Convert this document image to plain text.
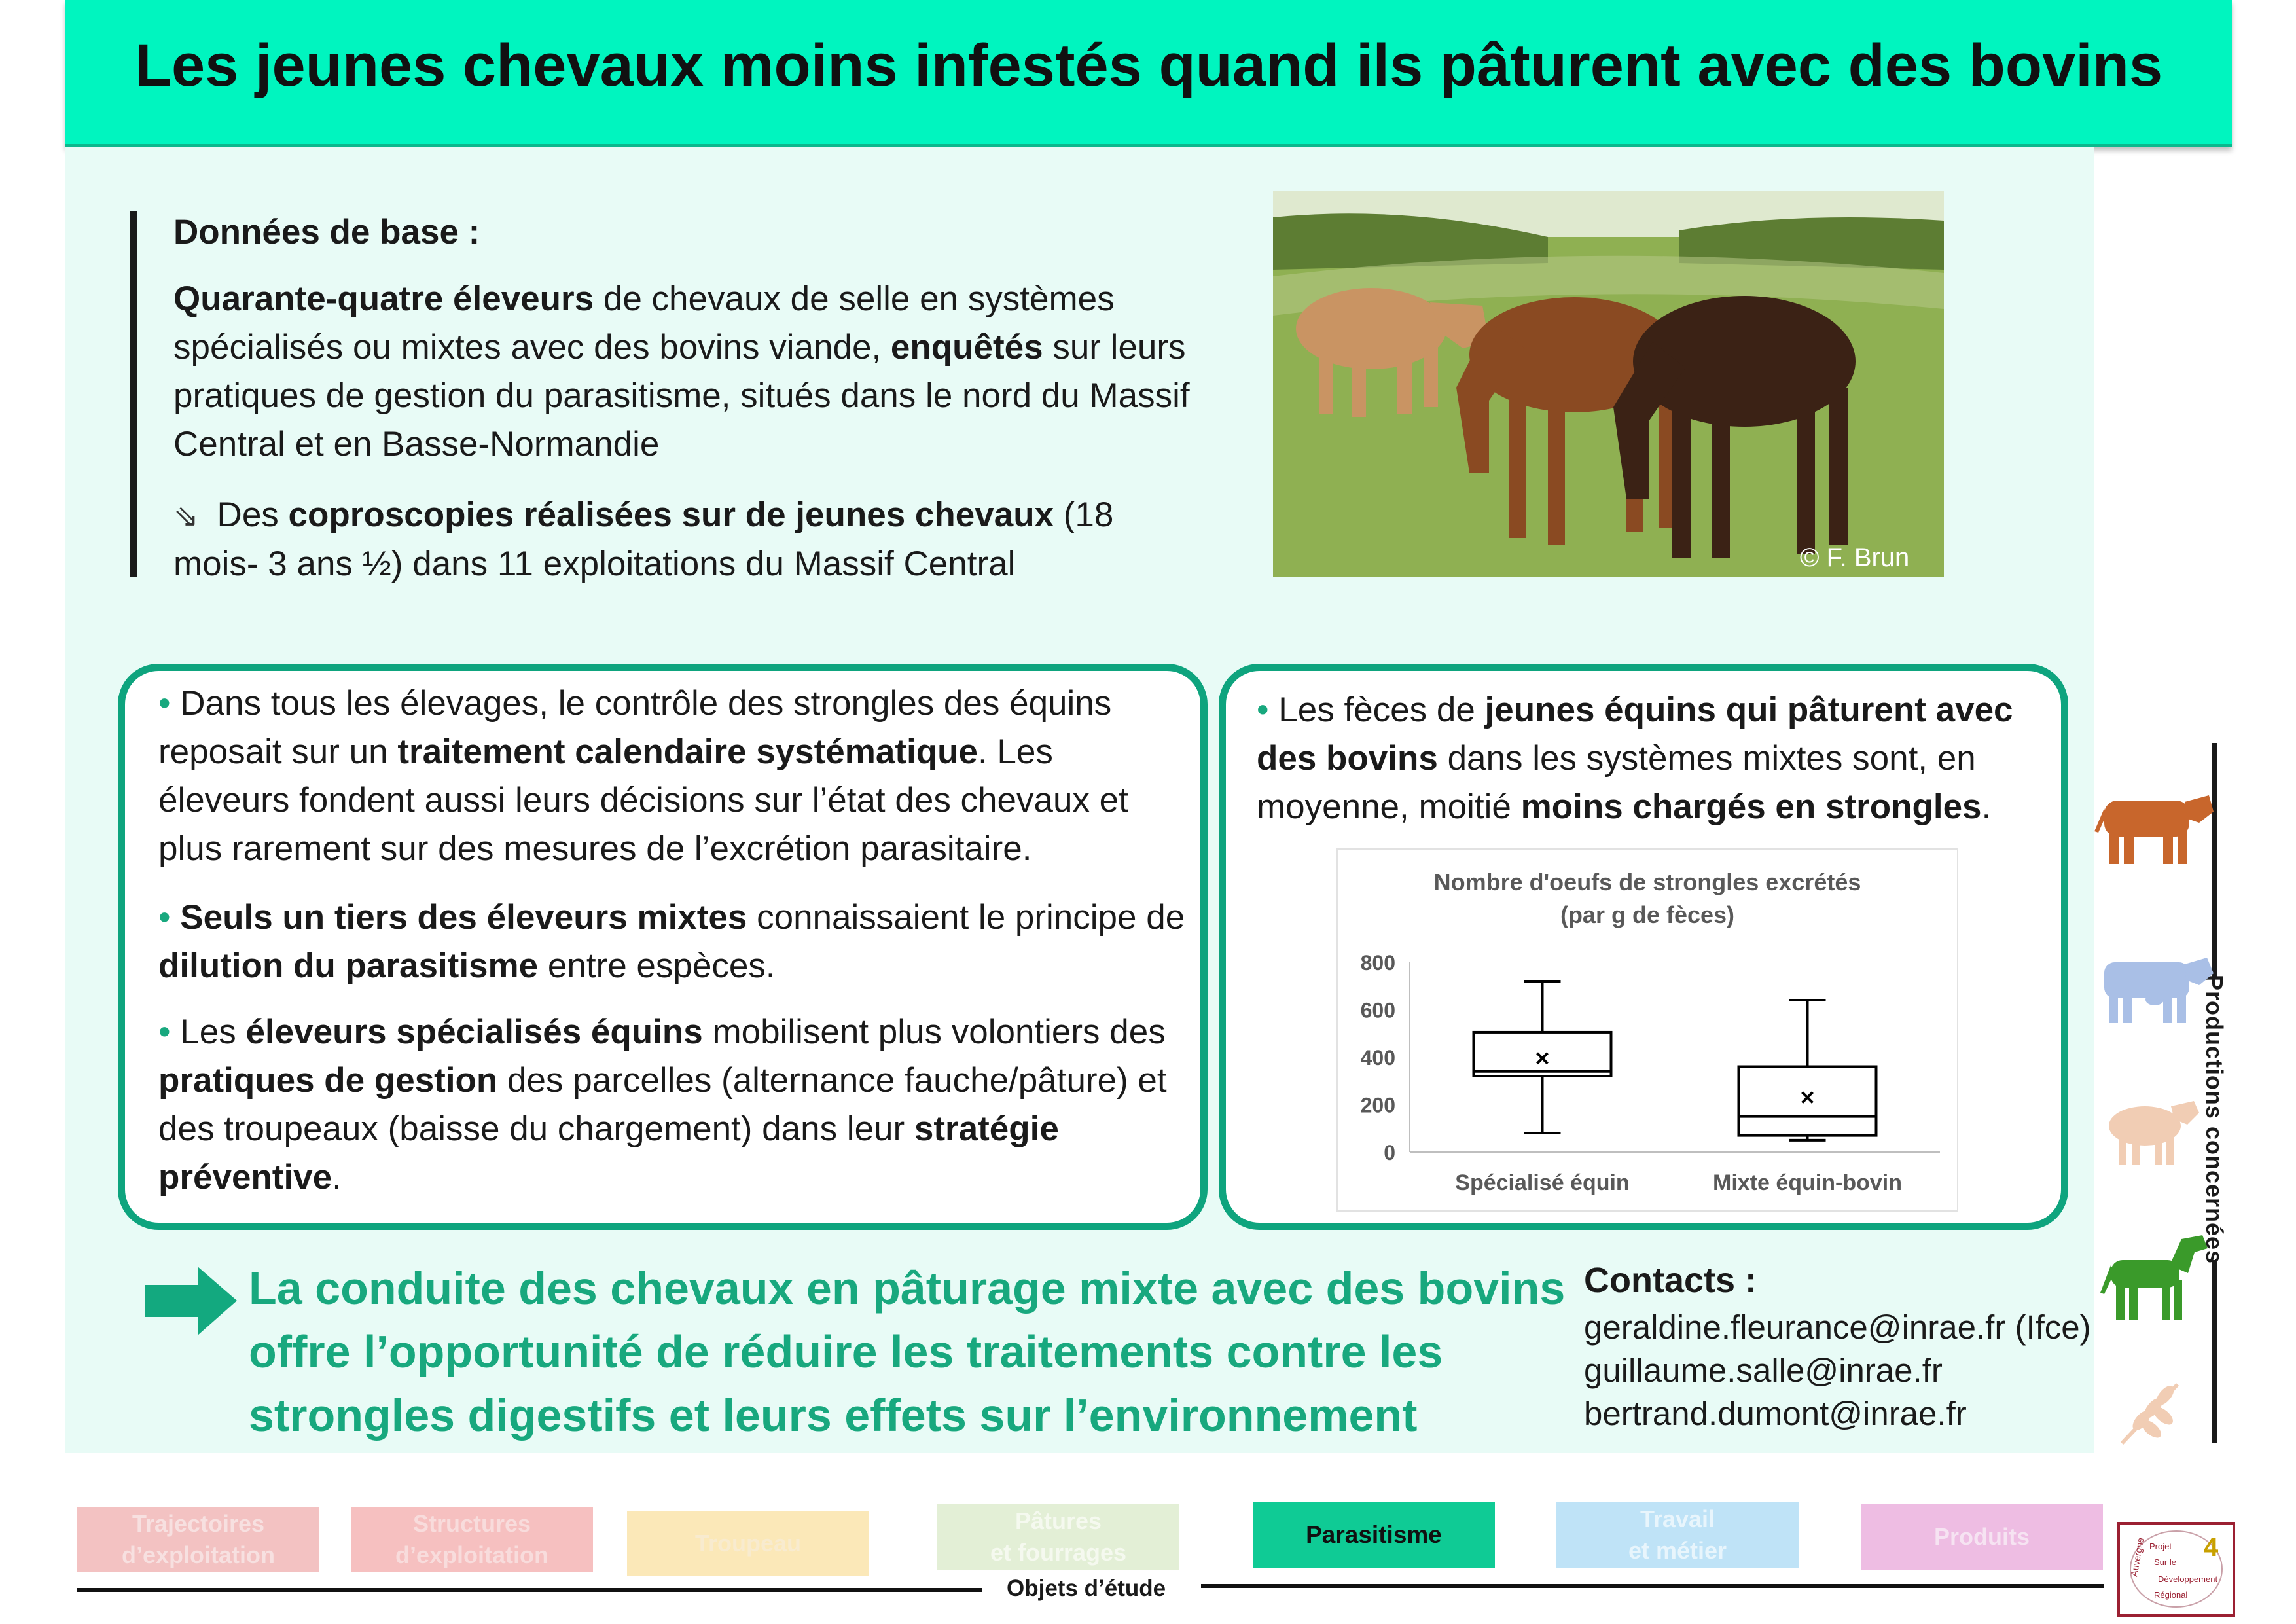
Les jeunes chevaux moins infestés quand ils pâturent avec des bovins
Données de base :
Quarante-quatre éleveurs de chevaux de selle en systèmes spécialisés ou mixtes avec des bovins viande, enquêtés sur leurs pratiques de gestion du parasitisme, situés dans le nord du Massif Central et en Basse-Normandie
⇘ Des coproscopies réalisées sur de jeunes chevaux (18 mois- 3 ans ½) dans 11 exploitations du Massif Central	© F. Brun
• Dans tous les élevages, le contrôle des strongles des équins reposait sur un traitement calendaire systématique. Les éleveurs fondent aussi leurs décisions sur l’état des chevaux et plus rarement sur des mesures de l’excrétion parasitaire.
• Seuls un tiers des éleveurs mixtes connaissaient le principe de dilution du parasitisme entre espèces.
• Les éleveurs spécialisés équins mobilisent plus volontiers des pratiques de gestion des parcelles (alternance fauche/pâture) et des troupeaux (baisse du chargement) dans leur stratégie préventive.
• Les fèces de jeunes équins qui pâturent avec des bovins dans les systèmes mixtes sont, en moyenne, moitié moins chargés en strongles.
Nombre d'oeufs de strongles excrétés
(par g de fèces)
0
200
400
600
800
Spécialisé équin	Mixte équin-bovin
La conduite des chevaux en pâturage mixte avec des bovins offre l’opportunité de réduire les traitements contre les strongles digestifs et leurs effets sur l’environnement
Contacts :
geraldine.fleurance@inrae.fr (Ifce)
guillaume.salle@inrae.fr
bertrand.dumont@inrae.fr
Productions concernées
Trajectoires
d’exploitation
Structures
d’exploitation	Troupeau
Pâtures
et fourrages
Parasitisme
Travail
et métier
Produits
Objets d’étude
Auvergne Projet
Sur le
Développement
Régional
4
